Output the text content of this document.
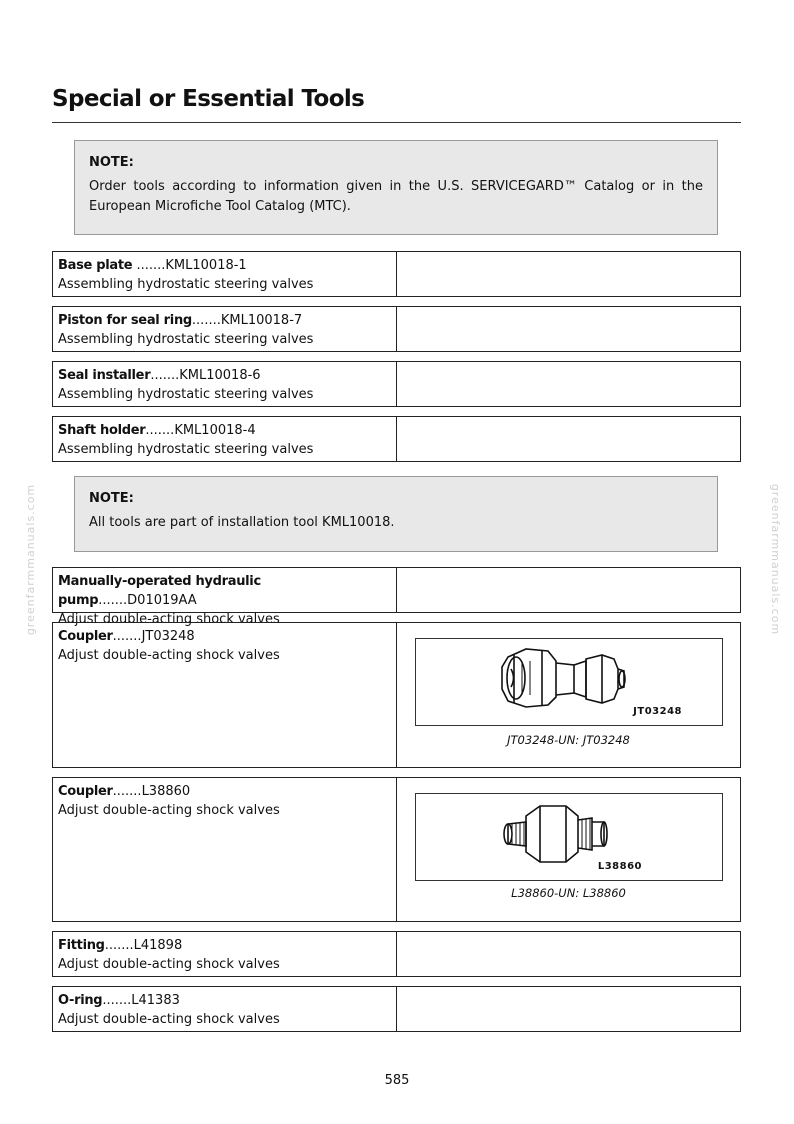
Special or Essential Tools
NOTE:
Order tools according to information given in the U.S. SERVICEGARD™ Catalog or in the European Microfiche Tool Catalog (MTC).
Base plate .......KML10018-1
Assembling hydrostatic steering valves
Piston for seal ring.......KML10018-7
Assembling hydrostatic steering valves
Seal installer.......KML10018-6
Assembling hydrostatic steering valves
Shaft holder.......KML10018-4
Assembling hydrostatic steering valves
NOTE:
All tools are part of installation tool KML10018.
Manually-operated hydraulic pump.......D01019AA
Adjust double-acting shock valves
Coupler.......JT03248
Adjust double-acting shock valves
JT03248
JT03248-UN: JT03248
Coupler.......L38860
Adjust double-acting shock valves
L38860
L38860-UN: L38860
Fitting.......L41898
Adjust double-acting shock valves
O-ring.......L41383
Adjust double-acting shock valves
greenfarmmanuals.com	greenfarmmanuals.com
585
